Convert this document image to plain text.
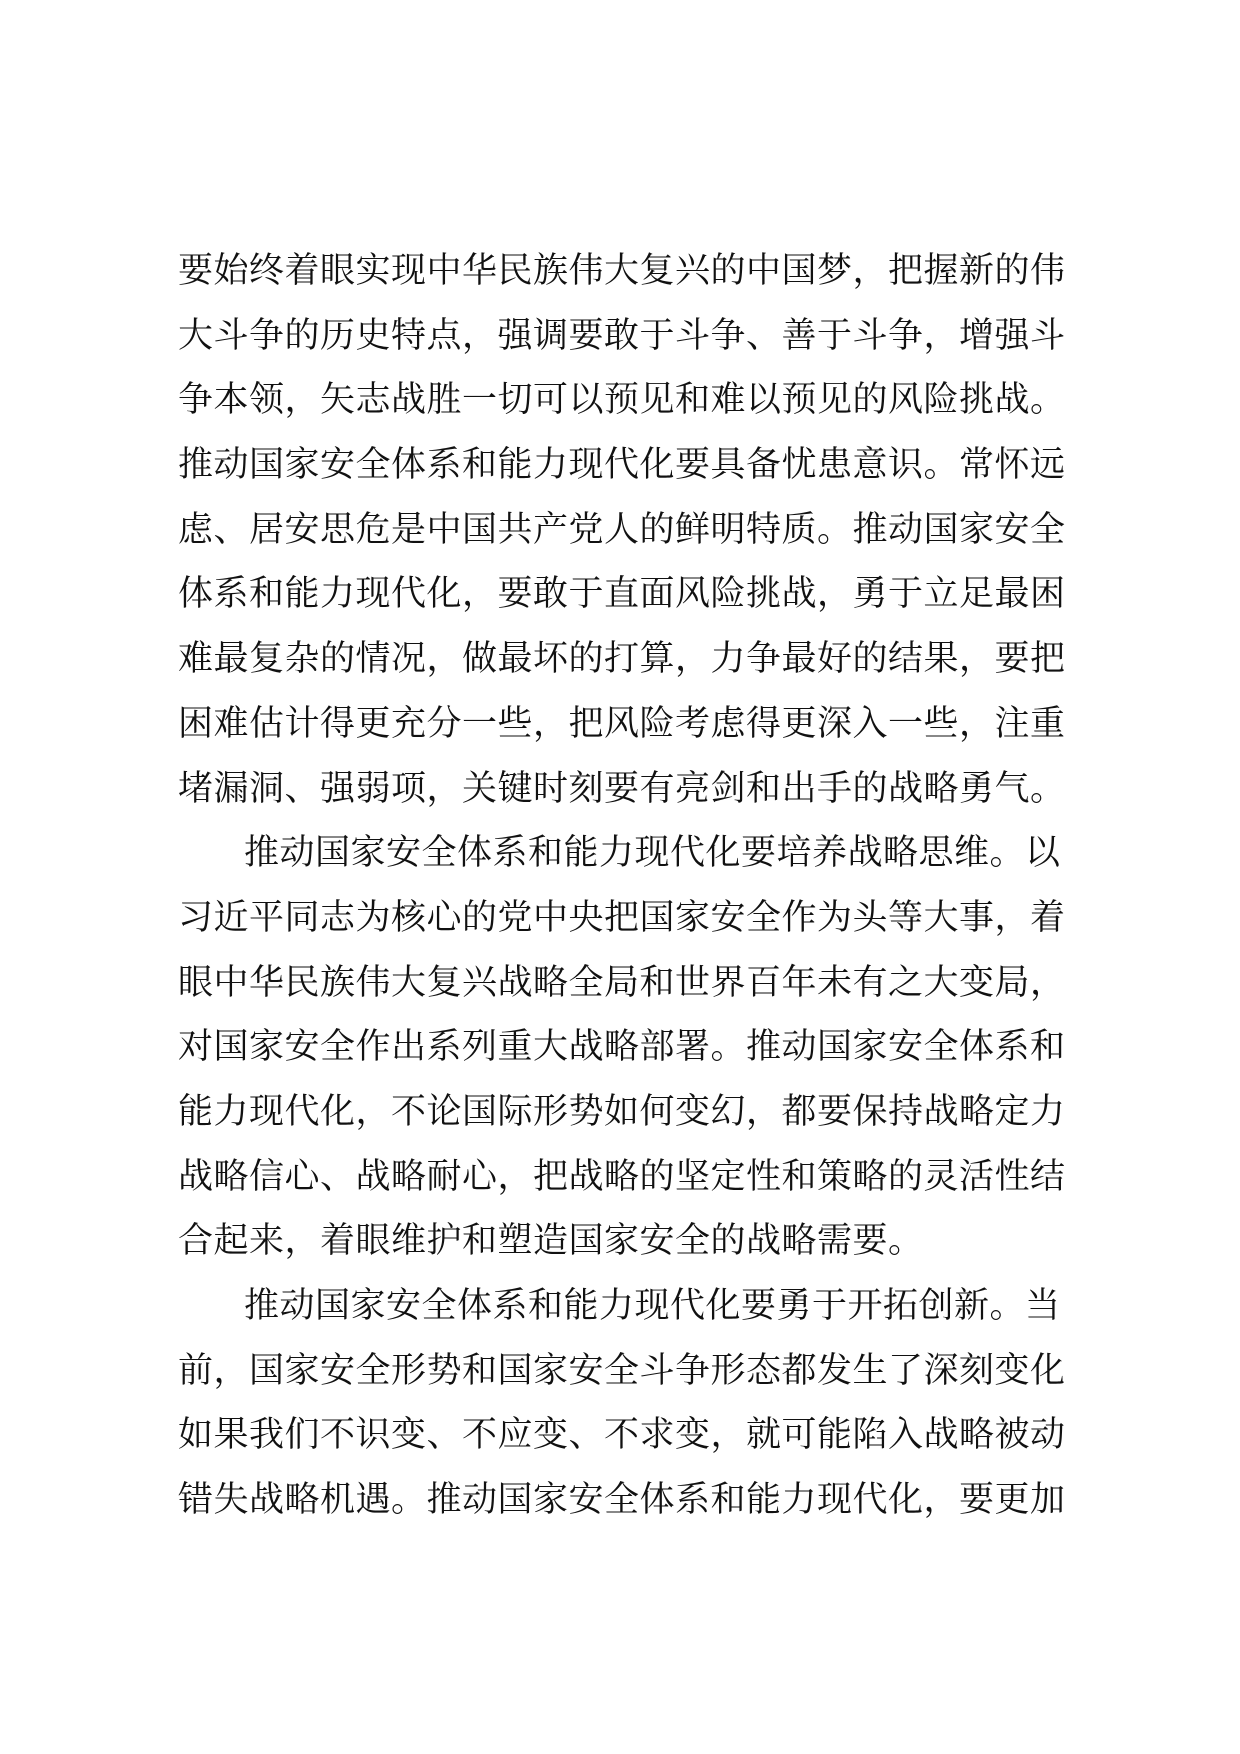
要始终着眼实现中华民族伟大复兴的中国梦，把握新的伟
大斗争的历史特点，强调要敢于斗争、善于斗争，增强斗
争本领，矢志战胜一切可以预见和难以预见的风险挑战。
推动国家安全体系和能力现代化要具备忧患意识。常怀远
虑、居安思危是中国共产党人的鲜明特质。推动国家安全
体系和能力现代化，要敢于直面风险挑战，勇于立足最困
难最复杂的情况，做最坏的打算，力争最好的结果，要把
困难估计得更充分一些，把风险考虑得更深入一些，注重
堵漏洞、强弱项，关键时刻要有亮剑和出手的战略勇气。
推动国家安全体系和能力现代化要培养战略思维。以
习近平同志为核心的党中央把国家安全作为头等大事，着
眼中华民族伟大复兴战略全局和世界百年未有之大变局，
对国家安全作出系列重大战略部署。推动国家安全体系和
能力现代化，不论国际形势如何变幻，都要保持战略定力
战略信心、战略耐心，把战略的坚定性和策略的灵活性结
合起来，着眼维护和塑造国家安全的战略需要。
推动国家安全体系和能力现代化要勇于开拓创新。当
前，国家安全形势和国家安全斗争形态都发生了深刻变化
如果我们不识变、不应变、不求变，就可能陷入战略被动
错失战略机遇。推动国家安全体系和能力现代化，要更加
